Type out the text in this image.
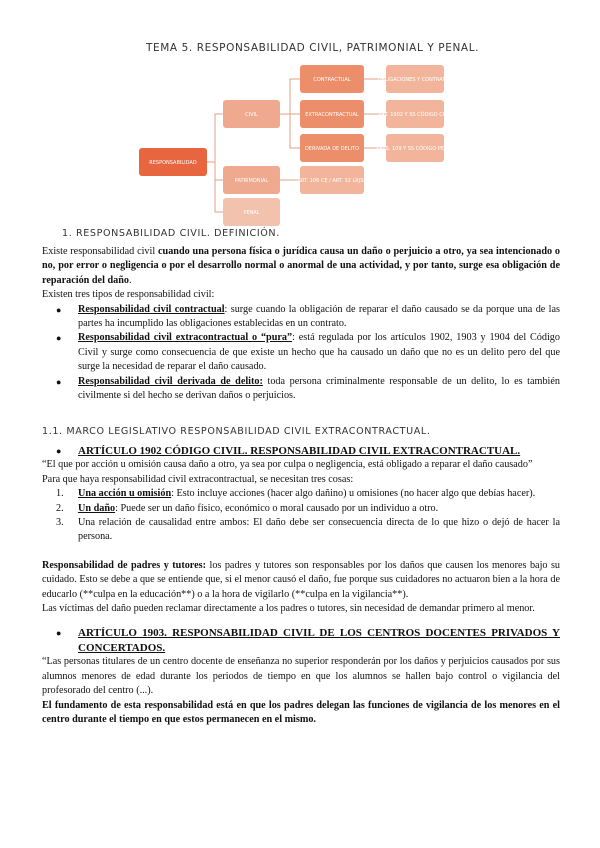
TEMA 5. RESPONSABILIDAD CIVIL, PATRIMONIAL Y PENAL.
RESPONSABILIDAD
CIVIL
PATRIMONIAL
PENAL
CONTRACTUAL
EXTRACONTRACTUAL
DERIVADA DE DELITO
ART. 106 CE / ART. 32 LRJSP
OBLIGACIONES Y CONTRATOS
ART. 1902 Y SS CÓDIGO CIVIL
ARTS. 109 Y SS CÓDIGO PENAL
1. RESPONSABILIDAD CIVIL. DEFINICIÓN.
Existe responsabilidad civil cuando una persona física o jurídica causa un daño o perjuicio a otro, ya sea intencionado o no, por error o negligencia o por el desarrollo normal o anormal de una actividad, y por tanto, surge esa obligación de reparación del daño.
Existen tres tipos de responsabilidad civil:
● Responsabilidad civil contractual: surge cuando la obligación de reparar el daño causado se da porque una de las partes ha incumplido las obligaciones establecidas en un contrato.
● Responsabilidad civil extracontractual o “pura”: está regulada por los artículos 1902, 1903 y 1904 del Código Civil y surge como consecuencia de que existe un hecho que ha causado un daño que no es un delito pero del que surge la necesidad de reparar el daño causado.
● Responsabilidad civil derivada de delito: toda persona criminalmente responsable de un delito, lo es también civilmente si del hecho se derivan daños o perjuicios.
1.1. MARCO LEGISLATIVO RESPONSABILIDAD CIVIL EXTRACONTRACTUAL.
● ARTÍCULO 1902 CÓDIGO CIVIL. RESPONSABILIDAD CIVIL EXTRACONTRACTUAL.
“El que por acción u omisión causa daño a otro, ya sea por culpa o negligencia, está obligado a reparar el daño causado”
Para que haya responsabilidad civil extracontractual, se necesitan tres cosas:
1. Una acción u omisión: Esto incluye acciones (hacer algo dañino) u omisiones (no hacer algo que debías hacer).
2. Un daño: Puede ser un daño físico, económico o moral causado por un individuo a otro.
3. Una relación de causalidad entre ambos: El daño debe ser consecuencia directa de lo que hizo o dejó de hacer la persona.
Responsabilidad de padres y tutores: los padres y tutores son responsables por los daños que causen los menores bajo su cuidado. Esto se debe a que se entiende que, si el menor causó el daño, fue porque sus cuidadores no actuaron bien a la hora de educarlo (**culpa en la educación**) o a la hora de vigilarlo (**culpa en la vigilancia**).
Las víctimas del daño pueden reclamar directamente a los padres o tutores, sin necesidad de demandar primero al menor.
● ARTÍCULO 1903. RESPONSABILIDAD CIVIL DE LOS CENTROS DOCENTES PRIVADOS Y CONCERTADOS.
“Las personas titulares de un centro docente de enseñanza no superior responderán por los daños y perjuicios causados por sus alumnos menores de edad durante los periodos de tiempo en que los alumnos se hallen bajo control o vigilancia del profesorado del centro (...).
El fundamento de esta responsabilidad está en que los padres delegan las funciones de vigilancia de los menores en el centro durante el tiempo en que estos permanecen en el mismo.
